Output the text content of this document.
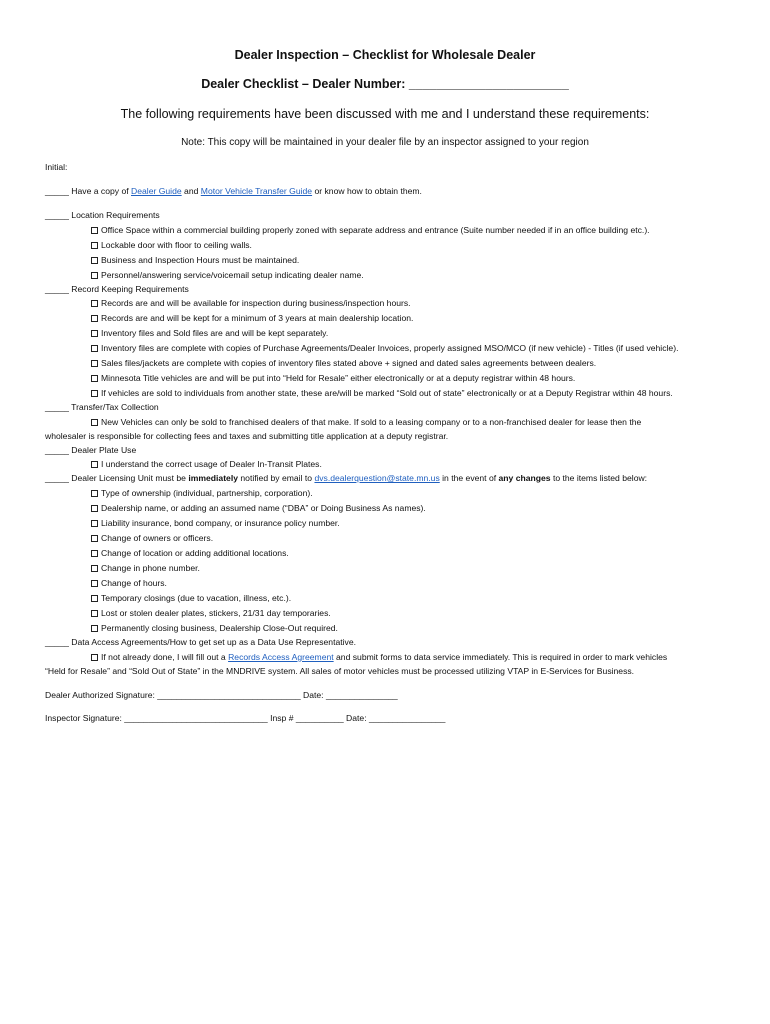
Dealer Inspection – Checklist for Wholesale Dealer
Dealer Checklist – Dealer Number: _______________________
The following requirements have been discussed with me and I understand these requirements:
Note: This copy will be maintained in your dealer file by an inspector assigned to your region
Initial:
_____ Have a copy of Dealer Guide and Motor Vehicle Transfer Guide or know how to obtain them.
_____ Location Requirements
Office Space within a commercial building properly zoned with separate address and entrance (Suite number needed if in an office building etc.).
Lockable door with floor to ceiling walls.
Business and Inspection Hours must be maintained.
Personnel/answering service/voicemail setup indicating dealer name.
_____ Record Keeping Requirements
Records are and will be available for inspection during business/inspection hours.
Records are and will be kept for a minimum of 3 years at main dealership location.
Inventory files and Sold files are and will be kept separately.
Inventory files are complete with copies of Purchase Agreements/Dealer Invoices, properly assigned MSO/MCO (if new vehicle) - Titles (if used vehicle).
Sales files/jackets are complete with copies of inventory files stated above + signed and dated sales agreements between dealers.
Minnesota Title vehicles are and will be put into “Held for Resale” either electronically or at a deputy registrar within 48 hours.
If vehicles are sold to individuals from another state, these are/will be marked “Sold out of state” electronically or at a Deputy Registrar within 48 hours.
_____ Transfer/Tax Collection
New Vehicles can only be sold to franchised dealers of that make. If sold to a leasing company or to a non-franchised dealer for lease then the
wholesaler is responsible for collecting fees and taxes and submitting title application at a deputy registrar.
_____ Dealer Plate Use
I understand the correct usage of Dealer In-Transit Plates.
_____ Dealer Licensing Unit must be immediately notified by email to dvs.dealerquestion@state.mn.us in the event of any changes to the items listed below:
Type of ownership (individual, partnership, corporation).
Dealership name, or adding an assumed name (“DBA” or Doing Business As names).
Liability insurance, bond company, or insurance policy number.
Change of owners or officers.
Change of location or adding additional locations.
Change in phone number.
Change of hours.
Temporary closings (due to vacation, illness, etc.).
Lost or stolen dealer plates, stickers, 21/31 day temporaries.
Permanently closing business, Dealership Close-Out required.
_____ Data Access Agreements/How to get set up as a Data Use Representative.
If not already done, I will fill out a Records Access Agreement and submit forms to data service immediately. This is required in order to mark vehicles
“Held for Resale” and “Sold Out of State” in the MNDRIVE system. All sales of motor vehicles must be processed utilizing VTAP in E-Services for Business.
Dealer Authorized Signature: ______________________________ Date: _______________
Inspector Signature: ______________________________ Insp # __________ Date: ________________
